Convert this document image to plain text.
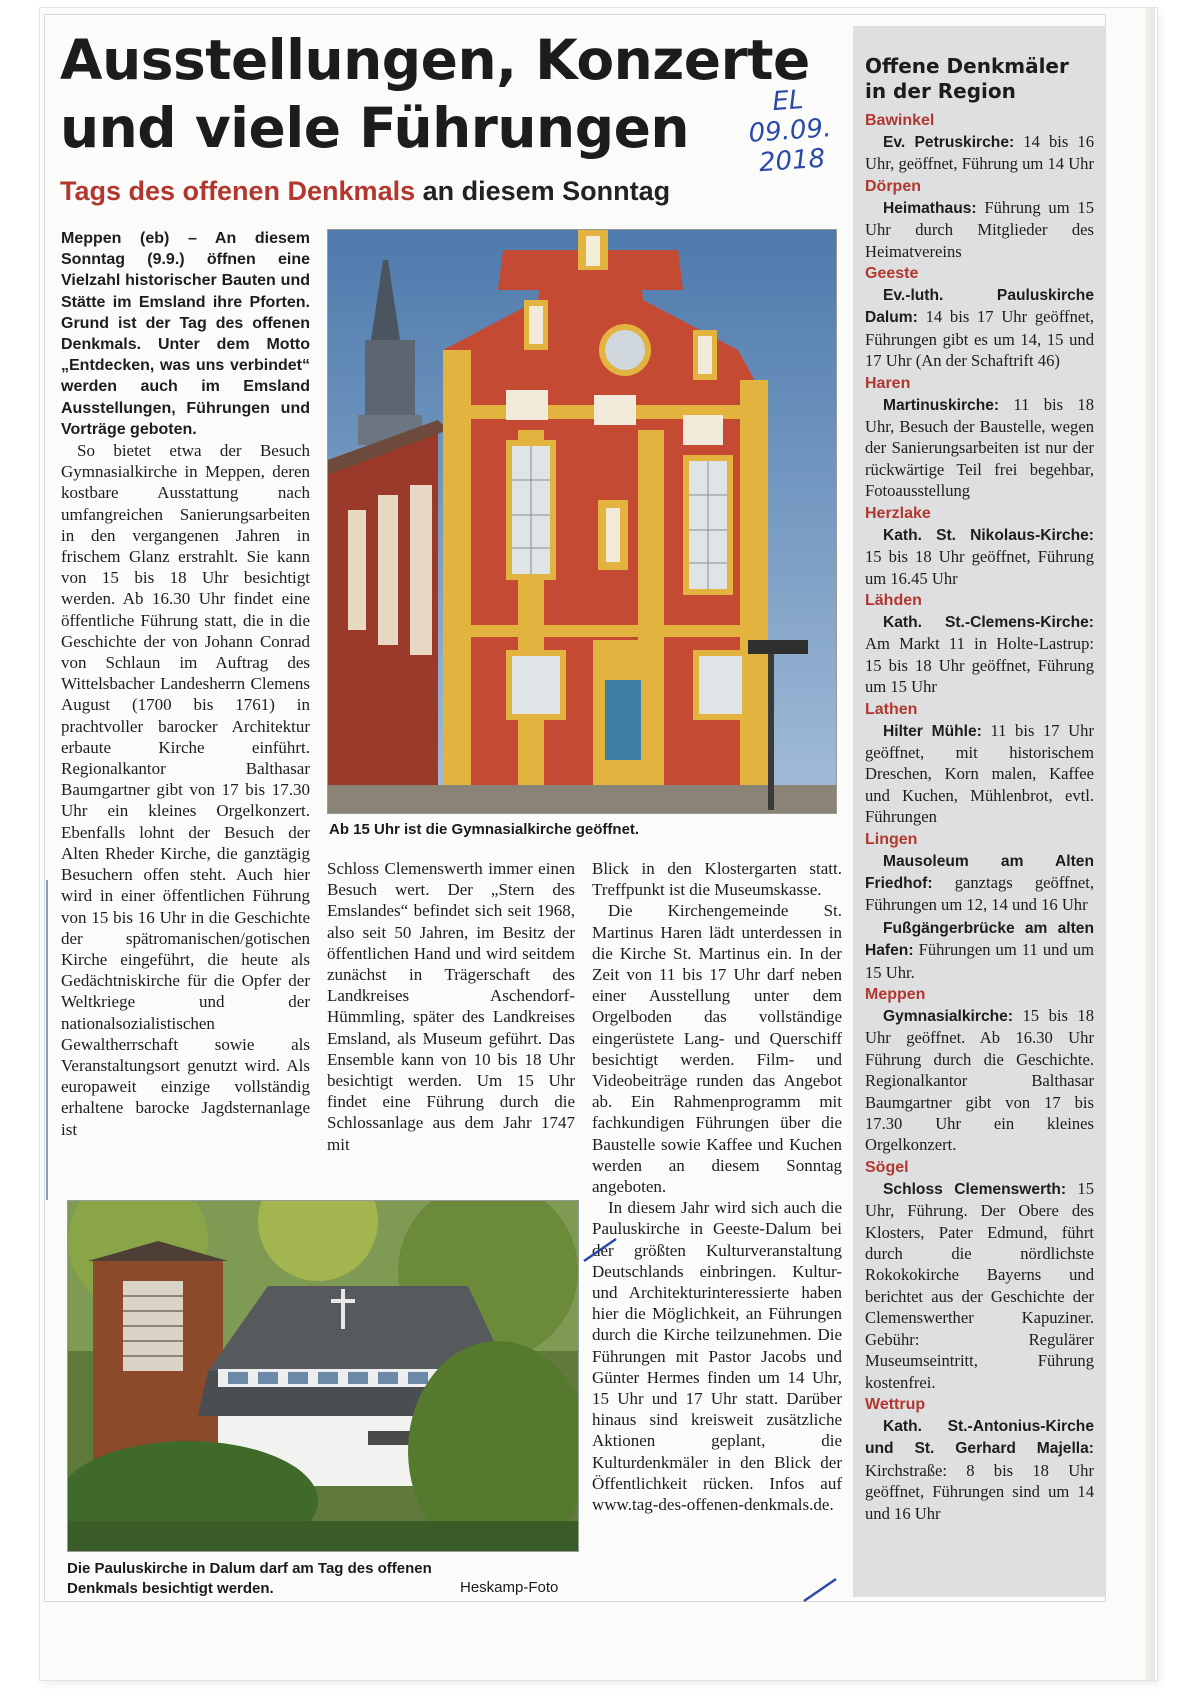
Ausstellungen, Konzerte
und viele Führungen	EL
09.09.
2018
Tags des offenen Denkmals an diesem Sonntag

Meppen (eb) – An diesem Sonntag (9.9.) öffnen eine Vielzahl historischer Bauten und Stätte im Emsland ihre Pforten. Grund ist der Tag des offenen Denkmals. Unter dem Motto „Entdecken, was uns verbindet“ werden auch im Emsland Ausstellungen, Führungen und Vorträge geboten.

So bietet etwa der Besuch Gymnasialkirche in Meppen, deren kostbare Ausstattung nach umfangreichen Sanierungsarbeiten in den vergangenen Jahren in frischem Glanz erstrahlt. Sie kann von 15 bis 18 Uhr besichtigt werden. Ab 16.30 Uhr findet eine öffentliche Führung statt, die in die Geschichte der von Johann Conrad von Schlaun im Auftrag des Wittelsbacher Landesherrn Clemens August (1700 bis 1761) in prachtvoller barocker Architektur erbaute Kirche einführt. Regionalkantor Balthasar Baumgartner gibt von 17 bis 17.30 Uhr ein kleines Orgelkonzert. Ebenfalls lohnt der Besuch der Alten Rheder Kirche, die ganztägig Besuchern offen steht. Auch hier wird in einer öffentlichen Führung von 15 bis 16 Uhr in die Geschichte der spätromanischen/gotischen Kirche eingeführt, die heute als Gedächtniskirche für die Opfer der Weltkriege und der nationalsozialistischen Gewaltherrschaft sowie als Veranstaltungsort genutzt wird. Als europaweit einzige vollständig erhaltene barocke Jagdsternanlage ist

Ab 15 Uhr ist die Gymnasialkirche geöffnet.

Schloss Clemenswerth immer einen Besuch wert. Der „Stern des Emslandes“ befindet sich seit 1968, also seit 50 Jahren, im Besitz der öffentlichen Hand und wird seitdem zunächst in Trägerschaft des Landkreises Aschendorf-Hümmling, später des Landkreises Emsland, als Museum geführt. Das Ensemble kann von 10 bis 18 Uhr besichtigt werden. Um 15 Uhr findet eine Führung durch die Schlossanlage aus dem Jahr 1747 mit

Blick in den Klostergarten statt. Treffpunkt ist die Museumskasse.

Die Kirchengemeinde St. Martinus Haren lädt unterdessen in die Kirche St. Martinus ein. In der Zeit von 11 bis 17 Uhr darf neben einer Ausstellung unter dem Orgelboden das vollständige eingerüstete Lang- und Querschiff besichtigt werden. Film- und Videobeiträge runden das Angebot ab. Ein Rahmenprogramm mit fachkundigen Führungen über die Baustelle sowie Kaffee und Kuchen werden an diesem Sonntag angeboten.

In diesem Jahr wird sich auch die Pauluskirche in Geeste-Dalum bei der größten Kulturveranstaltung Deutschlands einbringen. Kultur- und Architekturinteressierte haben hier die Möglichkeit, an Führungen durch die Kirche teilzunehmen. Die Führungen mit Pastor Jacobs und Günter Hermes finden um 14 Uhr, 15 Uhr und 17 Uhr statt. Darüber hinaus sind kreisweit zusätzliche Aktionen geplant, die Kulturdenkmäler in den Blick der Öffentlichkeit rücken. Infos auf www.tag-des-offenen-denkmals.de.

Die Pauluskirche in Dalum darf am Tag des offenen Denkmals besichtigt werden.	Heskamp-Foto
Offene Denkmäler in der Region

Bawinkel

Ev. Petruskirche: 14 bis 16 Uhr, geöffnet, Führung um 14 Uhr

Dörpen

Heimathaus: Führung um 15 Uhr durch Mitglieder des Heimatvereins

Geeste

Ev.-luth. Pauluskirche Dalum: 14 bis 17 Uhr geöffnet, Führungen gibt es um 14, 15 und 17 Uhr (An der Schaftrift 46)

Haren

Martinuskirche: 11 bis 18 Uhr, Besuch der Baustelle, wegen der Sanierungsarbeiten ist nur der rückwärtige Teil frei begehbar, Fotoausstellung

Herzlake

Kath. St. Nikolaus-Kirche: 15 bis 18 Uhr geöffnet, Führung um 16.45 Uhr

Lähden

Kath. St.-Clemens-Kirche: Am Markt 11 in Holte-Lastrup: 15 bis 18 Uhr geöffnet, Führung um 15 Uhr

Lathen

Hilter Mühle: 11 bis 17 Uhr geöffnet, mit historischem Dreschen, Korn malen, Kaffee und Kuchen, Mühlenbrot, evtl. Führungen

Lingen

Mausoleum am Alten Friedhof: ganztags geöffnet, Führungen um 12, 14 und 16 Uhr

Fußgängerbrücke am alten Hafen: Führungen um 11 und um 15 Uhr.

Meppen

Gymnasialkirche: 15 bis 18 Uhr geöffnet. Ab 16.30 Uhr Führung durch die Geschichte. Regionalkantor Balthasar Baumgartner gibt von 17 bis 17.30 Uhr ein kleines Orgelkonzert.

Sögel

Schloss Clemenswerth: 15 Uhr, Führung. Der Obere des Klosters, Pater Edmund, führt durch die nördlichste Rokokokirche Bayerns und berichtet aus der Geschichte der Clemenswerther Kapuziner. Gebühr: Regulärer Museumseintritt, Führung kostenfrei.

Wettrup

Kath. St.-Antonius-Kirche und St. Gerhard Majella: Kirchstraße: 8 bis 18 Uhr geöffnet, Führungen sind um 14 und 16 Uhr
